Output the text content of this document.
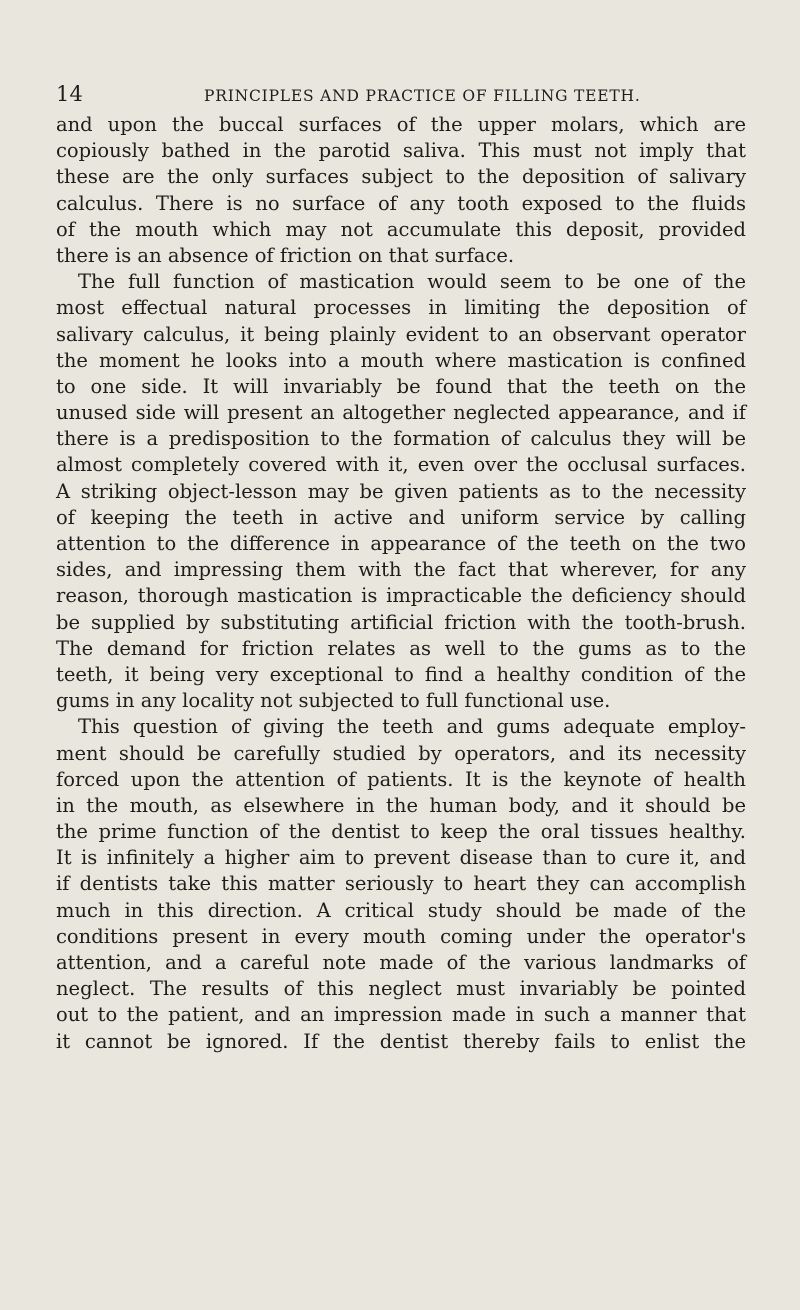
14	PRINCIPLES AND PRACTICE OF FILLING TEETH.
and upon the buccal surfaces of the upper molars, which are
copiously bathed in the parotid saliva. This must not imply that
these are the only surfaces subject to the deposition of salivary
calculus. There is no surface of any tooth exposed to the fluids
of the mouth which may not accumulate this deposit, provided
there is an absence of friction on that surface.
The full function of mastication would seem to be one of the
most effectual natural processes in limiting the deposition of
salivary calculus, it being plainly evident to an observant operator
the moment he looks into a mouth where mastication is confined
to one side. It will invariably be found that the teeth on the
unused side will present an altogether neglected appearance, and if
there is a predisposition to the formation of calculus they will be
almost completely covered with it, even over the occlusal surfaces.
A striking object-lesson may be given patients as to the necessity
of keeping the teeth in active and uniform service by calling
attention to the difference in appearance of the teeth on the two
sides, and impressing them with the fact that wherever, for any
reason, thorough mastication is impracticable the deficiency should
be supplied by substituting artificial friction with the tooth-brush.
The demand for friction relates as well to the gums as to the
teeth, it being very exceptional to find a healthy condition of the
gums in any locality not subjected to full functional use.
This question of giving the teeth and gums adequate employ-
ment should be carefully studied by operators, and its necessity
forced upon the attention of patients. It is the keynote of health
in the mouth, as elsewhere in the human body, and it should be
the prime function of the dentist to keep the oral tissues healthy.
It is infinitely a higher aim to prevent disease than to cure it, and
if dentists take this matter seriously to heart they can accomplish
much in this direction. A critical study should be made of the
conditions present in every mouth coming under the operator's
attention, and a careful note made of the various landmarks of
neglect. The results of this neglect must invariably be pointed
out to the patient, and an impression made in such a manner that
it cannot be ignored. If the dentist thereby fails to enlist the
